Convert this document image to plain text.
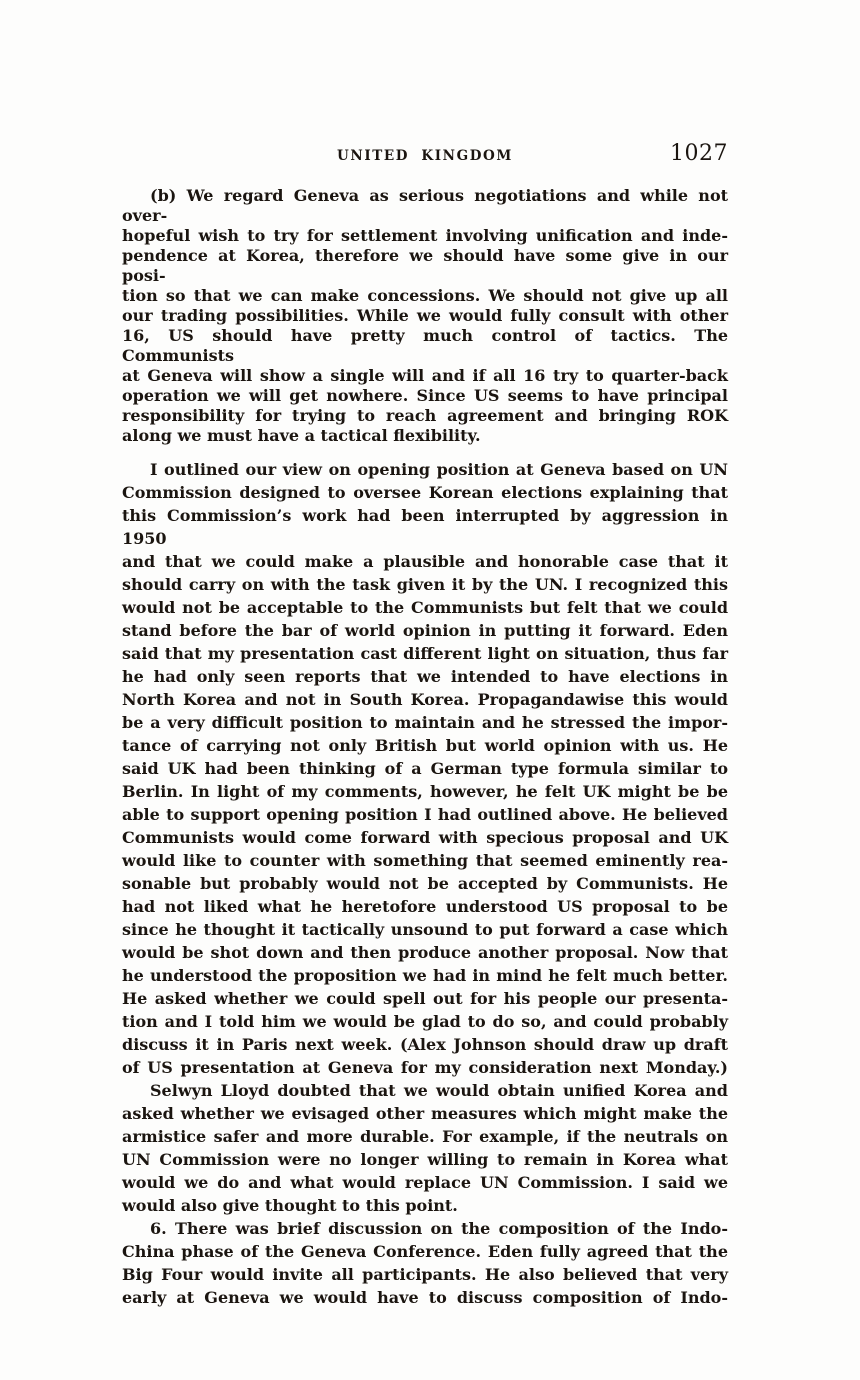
UNITED KINGDOM	1027
(b) We regard Geneva as serious negotiations and while not over-
hopeful wish to try for settlement involving unification and inde-
pendence at Korea, therefore we should have some give in our posi-
tion so that we can make concessions. We should not give up all
our trading possibilities. While we would fully consult with other
16, US should have pretty much control of tactics. The Communists
at Geneva will show a single will and if all 16 try to quarter-back
operation we will get nowhere. Since US seems to have principal
responsibility for trying to reach agreement and bringing ROK
along we must have a tactical flexibility.
I outlined our view on opening position at Geneva based on UN
Commission designed to oversee Korean elections explaining that
this Commission’s work had been interrupted by aggression in 1950
and that we could make a plausible and honorable case that it
should carry on with the task given it by the UN. I recognized this
would not be acceptable to the Communists but felt that we could
stand before the bar of world opinion in putting it forward. Eden
said that my presentation cast different light on situation, thus far
he had only seen reports that we intended to have elections in
North Korea and not in South Korea. Propagandawise this would
be a very difficult position to maintain and he stressed the impor-
tance of carrying not only British but world opinion with us. He
said UK had been thinking of a German type formula similar to
Berlin. In light of my comments, however, he felt UK might be be
able to support opening position I had outlined above. He believed
Communists would come forward with specious proposal and UK
would like to counter with something that seemed eminently rea-
sonable but probably would not be accepted by Communists. He
had not liked what he heretofore understood US proposal to be
since he thought it tactically unsound to put forward a case which
would be shot down and then produce another proposal. Now that
he understood the proposition we had in mind he felt much better.
He asked whether we could spell out for his people our presenta-
tion and I told him we would be glad to do so, and could probably
discuss it in Paris next week. (Alex Johnson should draw up draft
of US presentation at Geneva for my consideration next Monday.)
Selwyn Lloyd doubted that we would obtain unified Korea and
asked whether we evisaged other measures which might make the
armistice safer and more durable. For example, if the neutrals on
UN Commission were no longer willing to remain in Korea what
would we do and what would replace UN Commission. I said we
would also give thought to this point.
6. There was brief discussion on the composition of the Indo-
China phase of the Geneva Conference. Eden fully agreed that the
Big Four would invite all participants. He also believed that very
early at Geneva we would have to discuss composition of Indo-
